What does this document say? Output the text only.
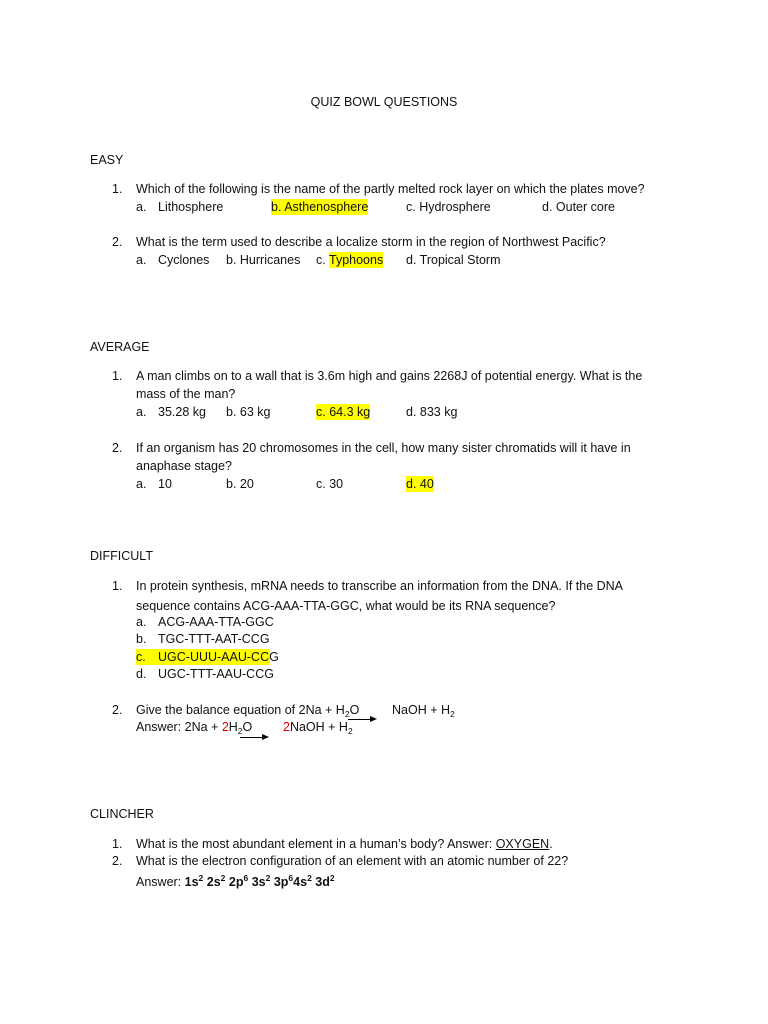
QUIZ BOWL QUESTIONS
EASY
1. Which of the following is the name of the partly melted rock layer on which the plates move?
a. Lithosphere	b. Asthenosphere	c. Hydrosphere	d. Outer core
2. What is the term used to describe a localize storm in the region of Northwest Pacific?
a. Cyclones b. Hurricanes c. Typhoons d. Tropical Storm
AVERAGE
1. A man climbs on to a wall that is 3.6m high and gains 2268J of potential energy. What is the
mass of the man?
a. 35.28 kg b. 63 kg	c. 64.3 kg	d. 833 kg
2. If an organism has 20 chromosomes in the cell, how many sister chromatids will it have in
anaphase stage?
a. 10	b. 20	c. 30	d. 40
DIFFICULT
1. In protein synthesis, mRNA needs to transcribe an information from the DNA. If the DNA
sequence contains ACG-AAA-TTA-GGC, what would be its RNA sequence?
a. ACG-AAA-TTA-GGC
b. TGC-TTT-AAT-CCG
c. UGC-UUU-AAU-CCG
d. UGC-TTT-AAU-CCG
2. Give the balance equation of $2Na + H_2O$	NaOH + $H_2$
Answer: $2Na + 2H_2O$ 2NaOH + $H_2$
CLINCHER
1. What is the most abundant element in a human’s body? Answer: OXYGEN.
2. What is the electron configuration of an element with an atomic number of 22?
Answer: $1s^2$ $2s^2$ $2p^6$ $3s^2$ $3p^64s^2$ $3d^2$
